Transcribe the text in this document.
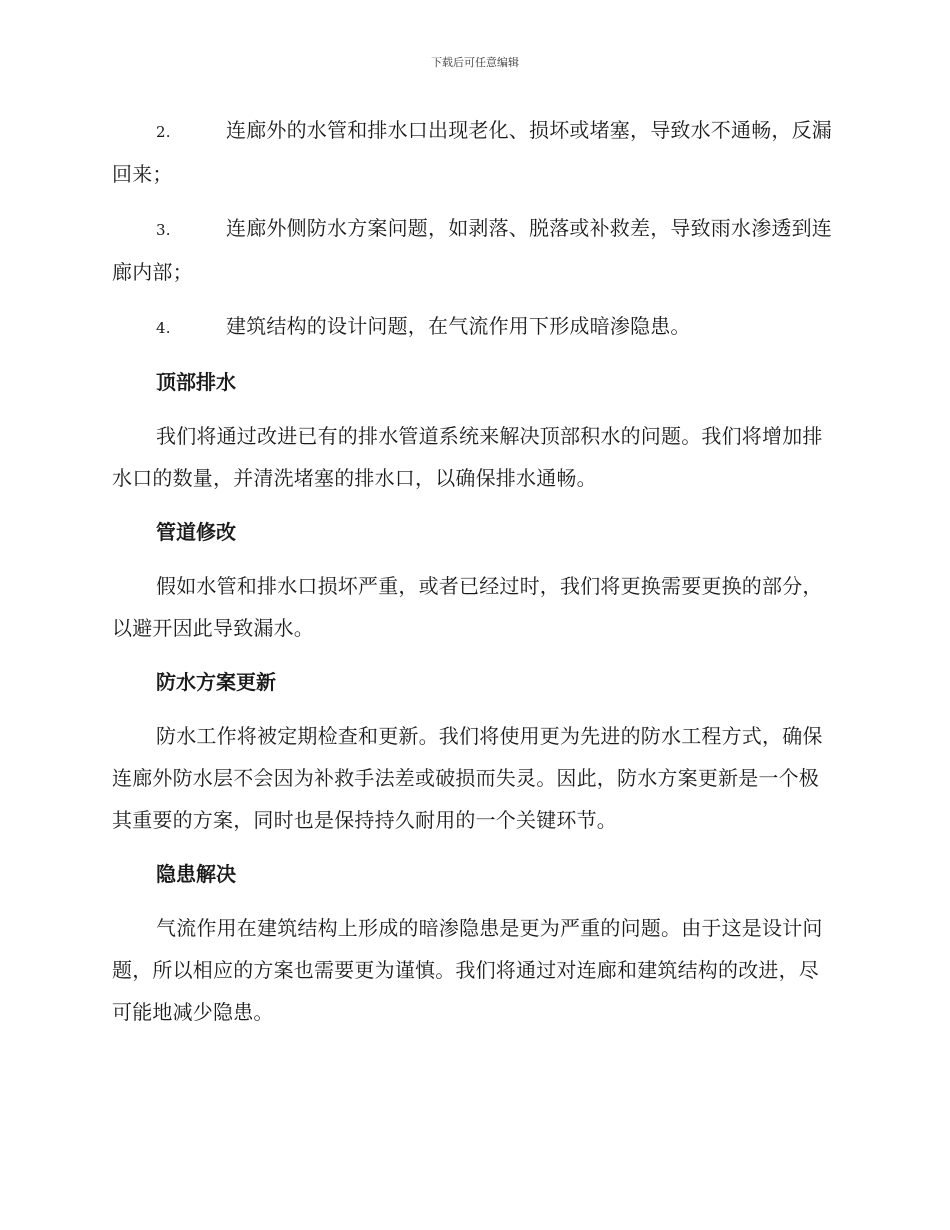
下载后可任意编辑
2.	连廊外的水管和排水口出现老化、损坏或堵塞，导致水不通畅，反漏回来；
3.	连廊外侧防水方案问题，如剥落、脱落或补救差，导致雨水渗透到连廊内部；
4.	建筑结构的设计问题，在气流作用下形成暗渗隐患。
顶部排水
我们将通过改进已有的排水管道系统来解决顶部积水的问题。我们将增加排水口的数量，并清洗堵塞的排水口，以确保排水通畅。
管道修改
假如水管和排水口损坏严重，或者已经过时，我们将更换需要更换的部分，以避开因此导致漏水。
防水方案更新
防水工作将被定期检查和更新。我们将使用更为先进的防水工程方式，确保连廊外防水层不会因为补救手法差或破损而失灵。因此，防水方案更新是一个极其重要的方案，同时也是保持持久耐用的一个关键环节。
隐患解决
气流作用在建筑结构上形成的暗渗隐患是更为严重的问题。由于这是设计问题，所以相应的方案也需要更为谨慎。我们将通过对连廊和建筑结构的改进，尽可能地减少隐患。
